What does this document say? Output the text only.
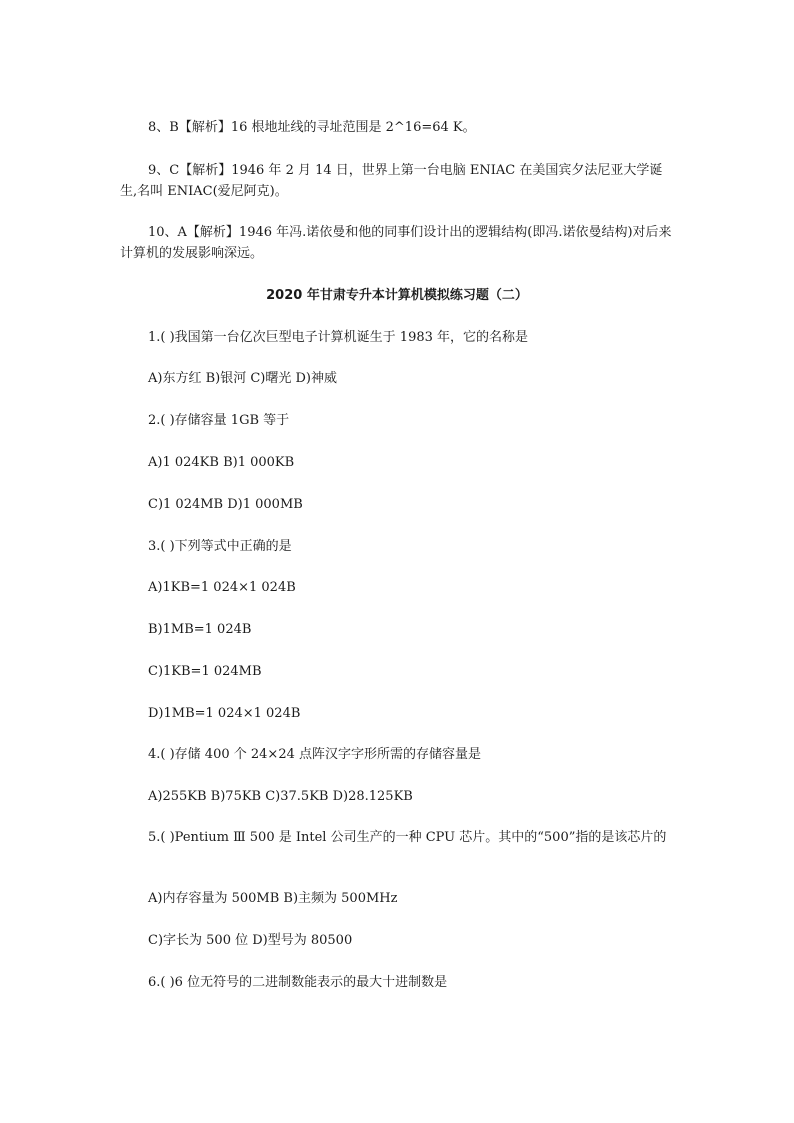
8、B【解析】16 根地址线的寻址范围是 2^16=64 K。
9、C【解析】1946 年 2 月 14 日，世界上第一台电脑 ENIAC 在美国宾夕法尼亚大学诞生,名叫 ENIAC(爱尼阿克)。
10、A【解析】1946 年冯.诺依曼和他的同事们设计出的逻辑结构(即冯.诺依曼结构)对后来计算机的发展影响深远。
2020 年甘肃专升本计算机模拟练习题（二）
1.( )我国第一台亿次巨型电子计算机诞生于 1983 年，它的名称是
A)东方红 B)银河 C)曙光 D)神威
2.( )存储容量 1GB 等于
A)1 024KB B)1 000KB
C)1 024MB D)1 000MB
3.( )下列等式中正确的是
A)1KB=1 024×1 024B
B)1MB=1 024B
C)1KB=1 024MB
D)1MB=1 024×1 024B
4.( )存储 400 个 24×24 点阵汉字字形所需的存储容量是
A)255KB B)75KB C)37.5KB D)28.125KB
5.( )Pentium Ⅲ 500 是 Intel 公司生产的一种 CPU 芯片。其中的“500”指的是该芯片的
A)内存容量为 500MB B)主频为 500MHz
C)字长为 500 位 D)型号为 80500
6.( )6 位无符号的二进制数能表示的最大十进制数是
